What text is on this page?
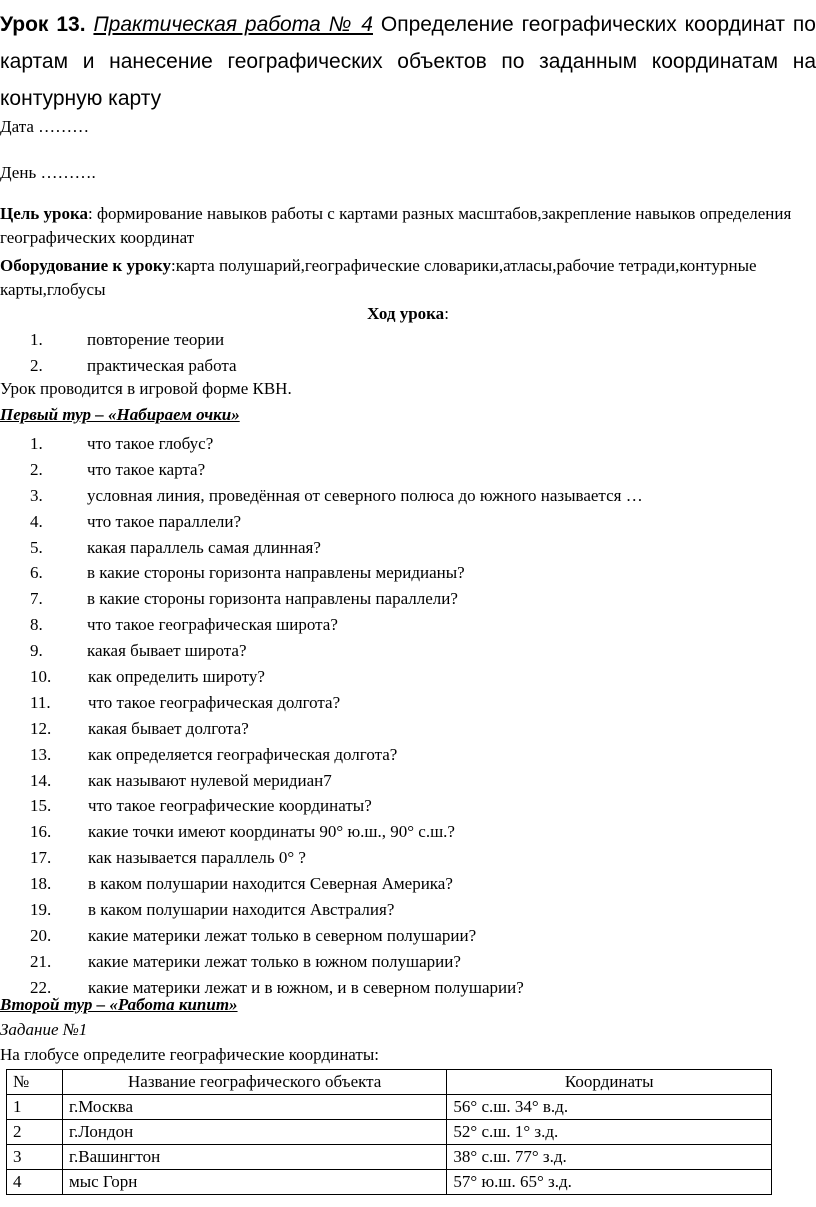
Урок 13. Практическая работа № 4 Определение географических координат по картам и нанесение географических объектов по заданным координатам на контурную карту

Дата ………

День ……….

Цель урока: формирование навыков работы с картами разных масштабов,закрепление навыков определения географических координат

Оборудование к уроку:карта полушарий,географические словарики,атласы,рабочие тетради,контурные карты,глобусы

Ход урока:

1.	повторение теории
2.	практическая работа

Урок проводится в игровой форме КВН.

Первый тур – «Набираем очки»

1.	что такое глобус?
2.	что такое карта?
3.	условная линия, проведённая от северного полюса до южного называется …
4.	что такое параллели?
5.	какая параллель самая длинная?
6.	в какие стороны горизонта направлены меридианы?
7.	в какие стороны горизонта направлены параллели?
8.	что такое географическая широта?
9.	какая бывает широта?
10.	как определить широту?
11.	что такое географическая долгота?
12.	какая бывает долгота?
13.	как определяется географическая долгота?
14.	как называют нулевой меридиан7
15.	что такое географические координаты?
16.	какие точки имеют координаты 90° ю.ш., 90° с.ш.?
17.	как называется параллель 0° ?
18.	в каком полушарии находится Северная Америка?
19.	в каком полушарии находится Австралия?
20.	какие материки лежат только в северном полушарии?
21.	какие материки лежат только в южном полушарии?
22.	какие материки лежат и в южном, и в северном полушарии?

Второй тур – «Работа кипит»

Задание №1

На глобусе определите географические координаты:

№	Название географического объекта	Координаты
1	г.Москва	56° с.ш. 34° в.д.
2	г.Лондон	52° с.ш. 1° з.д.
3	г.Вашингтон	38° с.ш. 77° з.д.
4	мыс Горн	57° ю.ш. 65° з.д.
